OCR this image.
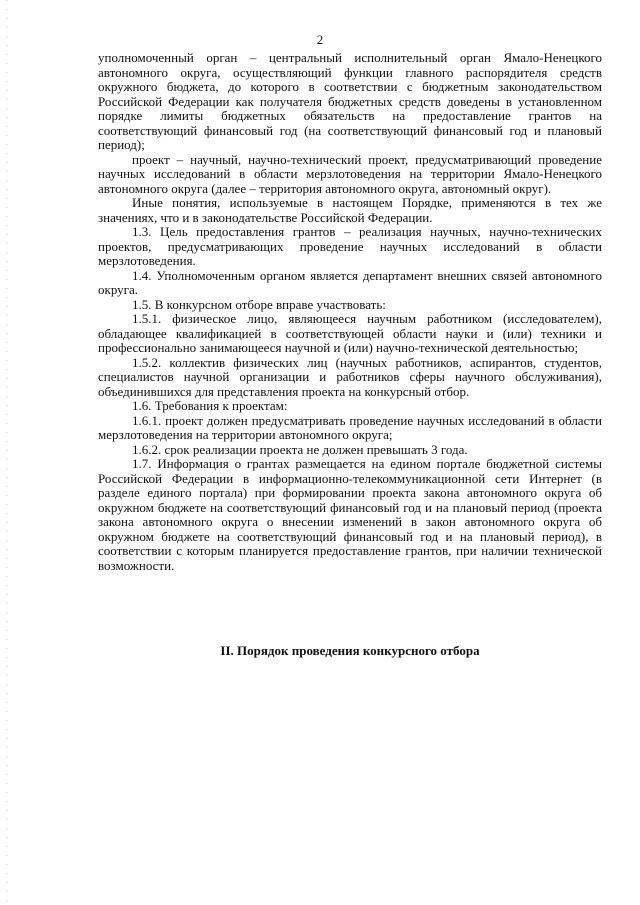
2

уполномоченный орган – центральный исполнительный орган Ямало-Ненецкого автономного округа, осуществляющий функции главного распорядителя средств окружного бюджета, до которого в соответствии с бюджетным законодательством Российской Федерации как получателя бюджетных средств доведены в установленном порядке лимиты бюджетных обязательств на предоставление грантов на соответствующий финансовый год (на соответствующий финансовый год и плановый период);

проект – научный, научно-технический проект, предусматривающий проведение научных исследований в области мерзлотоведения на территории Ямало-Ненецкого автономного округа (далее – территория автономного округа, автономный округ).

Иные понятия, используемые в настоящем Порядке, применяются в тех же значениях, что и в законодательстве Российской Федерации.

1.3. Цель предоставления грантов – реализация научных, научно-технических проектов, предусматривающих проведение научных исследований в области мерзлотоведения.

1.4. Уполномоченным органом является департамент внешних связей автономного округа.

1.5. В конкурсном отборе вправе участвовать:

1.5.1. физическое лицо, являющееся научным работником (исследователем), обладающее квалификацией в соответствующей области науки и (или) техники и профессионально занимающееся научной и (или) научно-технической деятельностью;

1.5.2. коллектив физических лиц (научных работников, аспирантов, студентов, специалистов научной организации и работников сферы научного обслуживания), объединившихся для представления проекта на конкурсный отбор.

1.6. Требования к проектам:

1.6.1. проект должен предусматривать проведение научных исследований в области мерзлотоведения на территории автономного округа;

1.6.2. срок реализации проекта не должен превышать 3 года.

1.7. Информация о грантах размещается на едином портале бюджетной системы Российской Федерации в информационно-телекоммуникационной сети Интернет (в разделе единого портала) при формировании проекта закона автономного округа об окружном бюджете на соответствующий финансовый год и на плановый период (проекта закона автономного округа о внесении изменений в закон автономного округа об окружном бюджете на соответствующий финансовый год и на плановый период), в соответствии с которым планируется предоставление грантов, при наличии технической возможности.

II. Порядок проведения конкурсного отбора
